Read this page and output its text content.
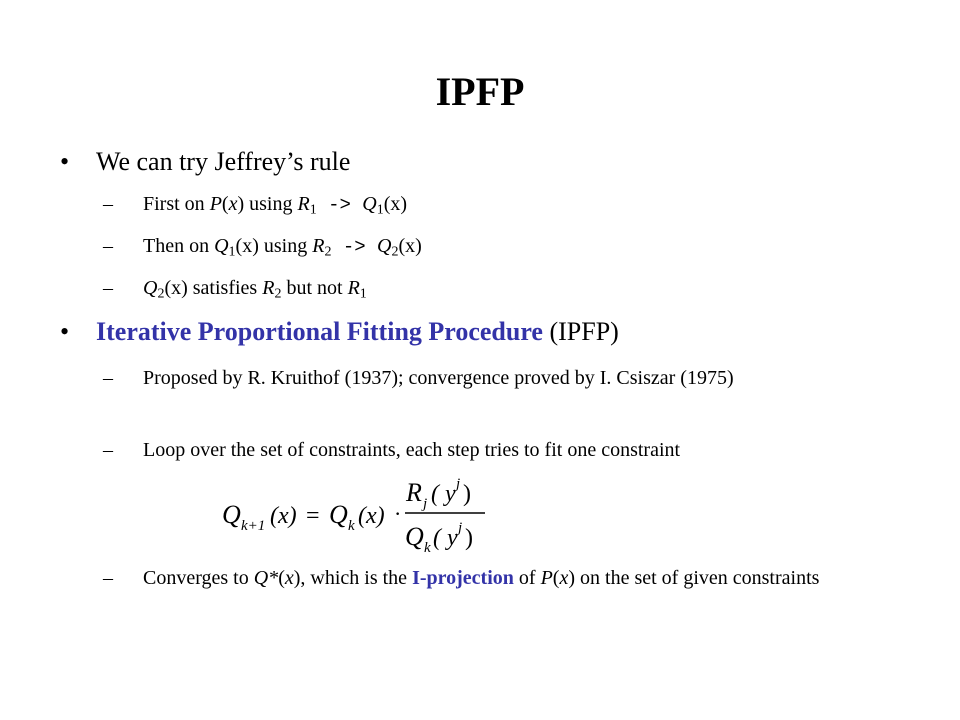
IPFP
• We can try Jeffrey’s rule
– First on P(x) using $R_1 -> Q_1(x)$
– Then on $Q_1(x)$ using $R_2 -> Q_2(x)$
– $Q_2(x)$ satisfies $R_2$ but not $R_1$
• Iterative Proportional Fitting Procedure (IPFP)
– Proposed by R. Kruithof (1937); convergence proved by I. Csiszar (1975)
– Loop over the set of constraints, each step tries to fit one constraint
Q k+1 (x) = Q k (x) ·
R j ( y j )
Q k ( y j )
– Converges to Q*(x), which is the I-projection of P(x) on the set of given constraints
